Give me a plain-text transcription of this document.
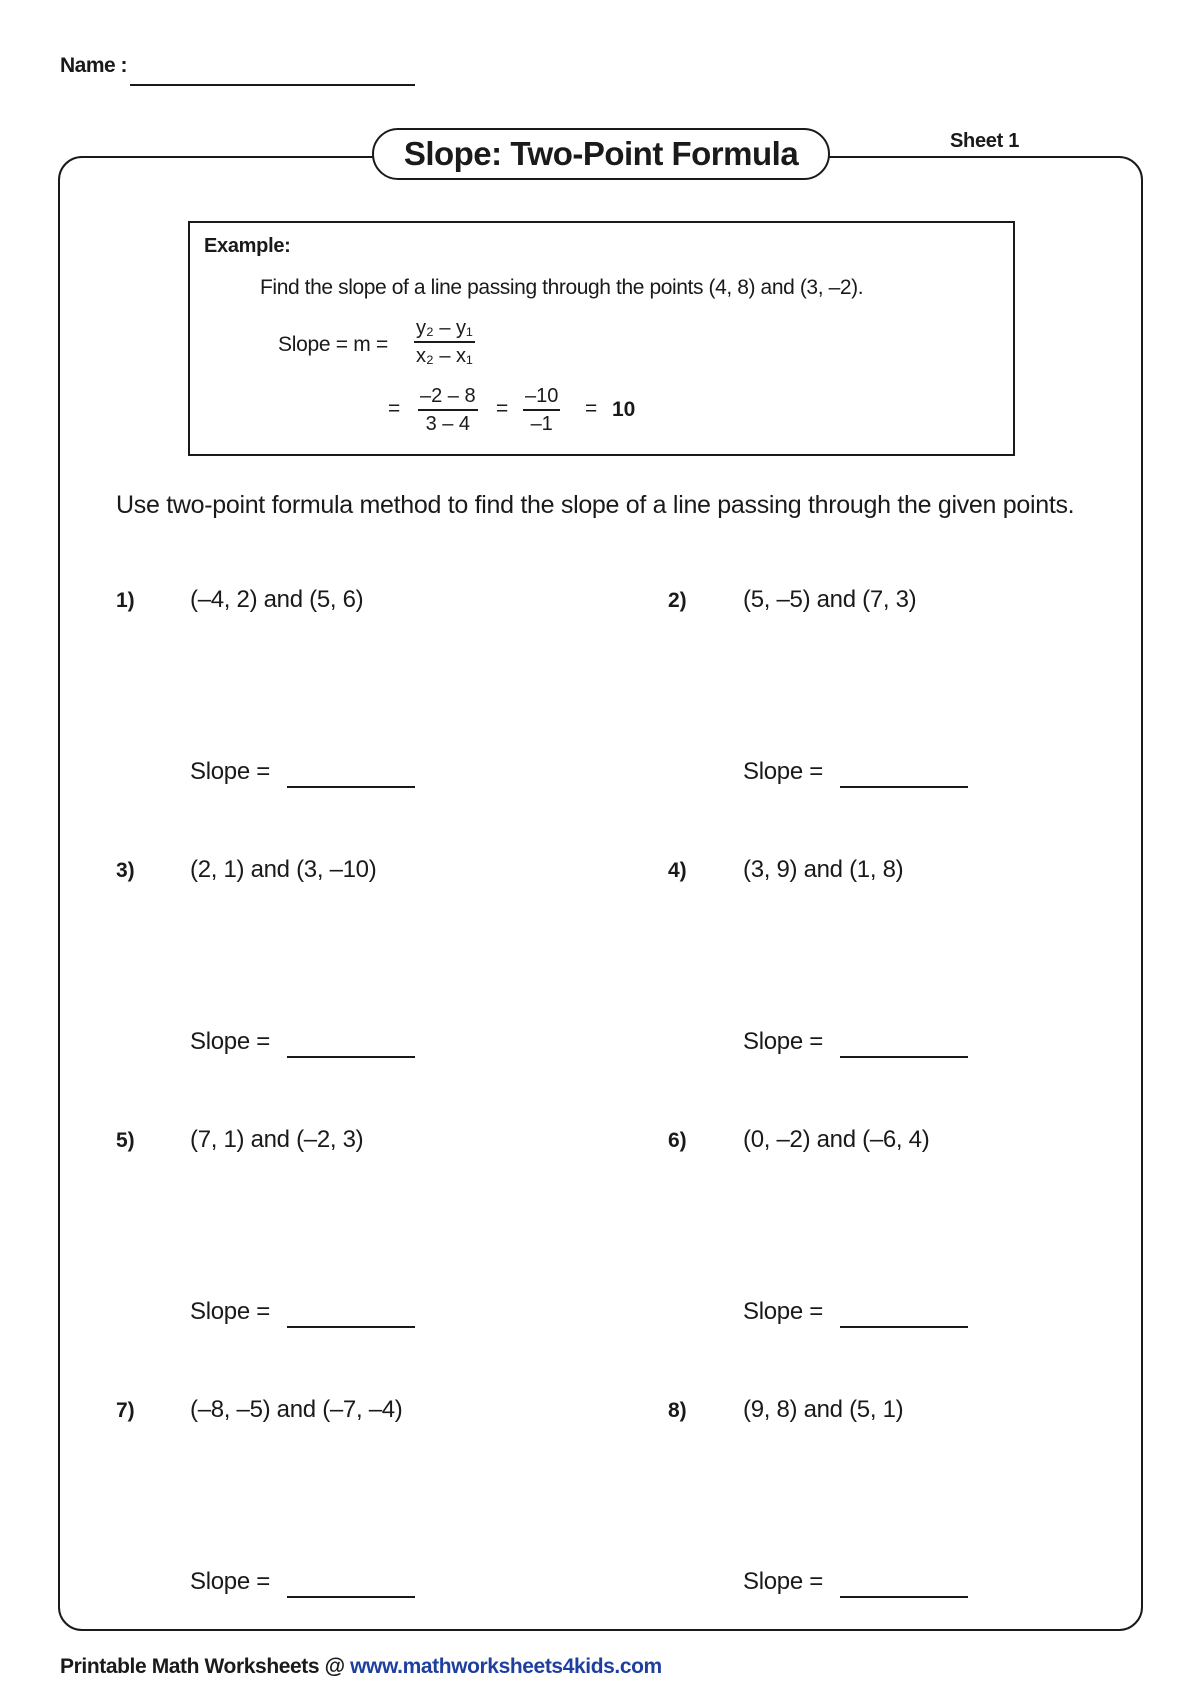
Name :
Slope: Two-Point Formula	Sheet 1
Example:
Find the slope of a line passing through the points (4, 8) and (3, –2).
Slope = m =
y₂ – y₁
x₂ – x₁
=
–2 – 8
3 – 4
=
–10
–1
= 10
Use two-point formula method to find the slope of a line passing through the given points.
1) (–4, 2) and (5, 6)
Slope =
2) (5, –5) and (7, 3)
Slope =
3) (2, 1) and (3, –10)
Slope =
4) (3, 9) and (1, 8)
Slope =
5) (7, 1) and (–2, 3)
Slope =
6) (0, –2) and (–6, 4)
Slope =
7) (–8, –5) and (–7, –4)
Slope =
8) (9, 8) and (5, 1)
Slope =
Printable Math Worksheets @ www.mathworksheets4kids.com
